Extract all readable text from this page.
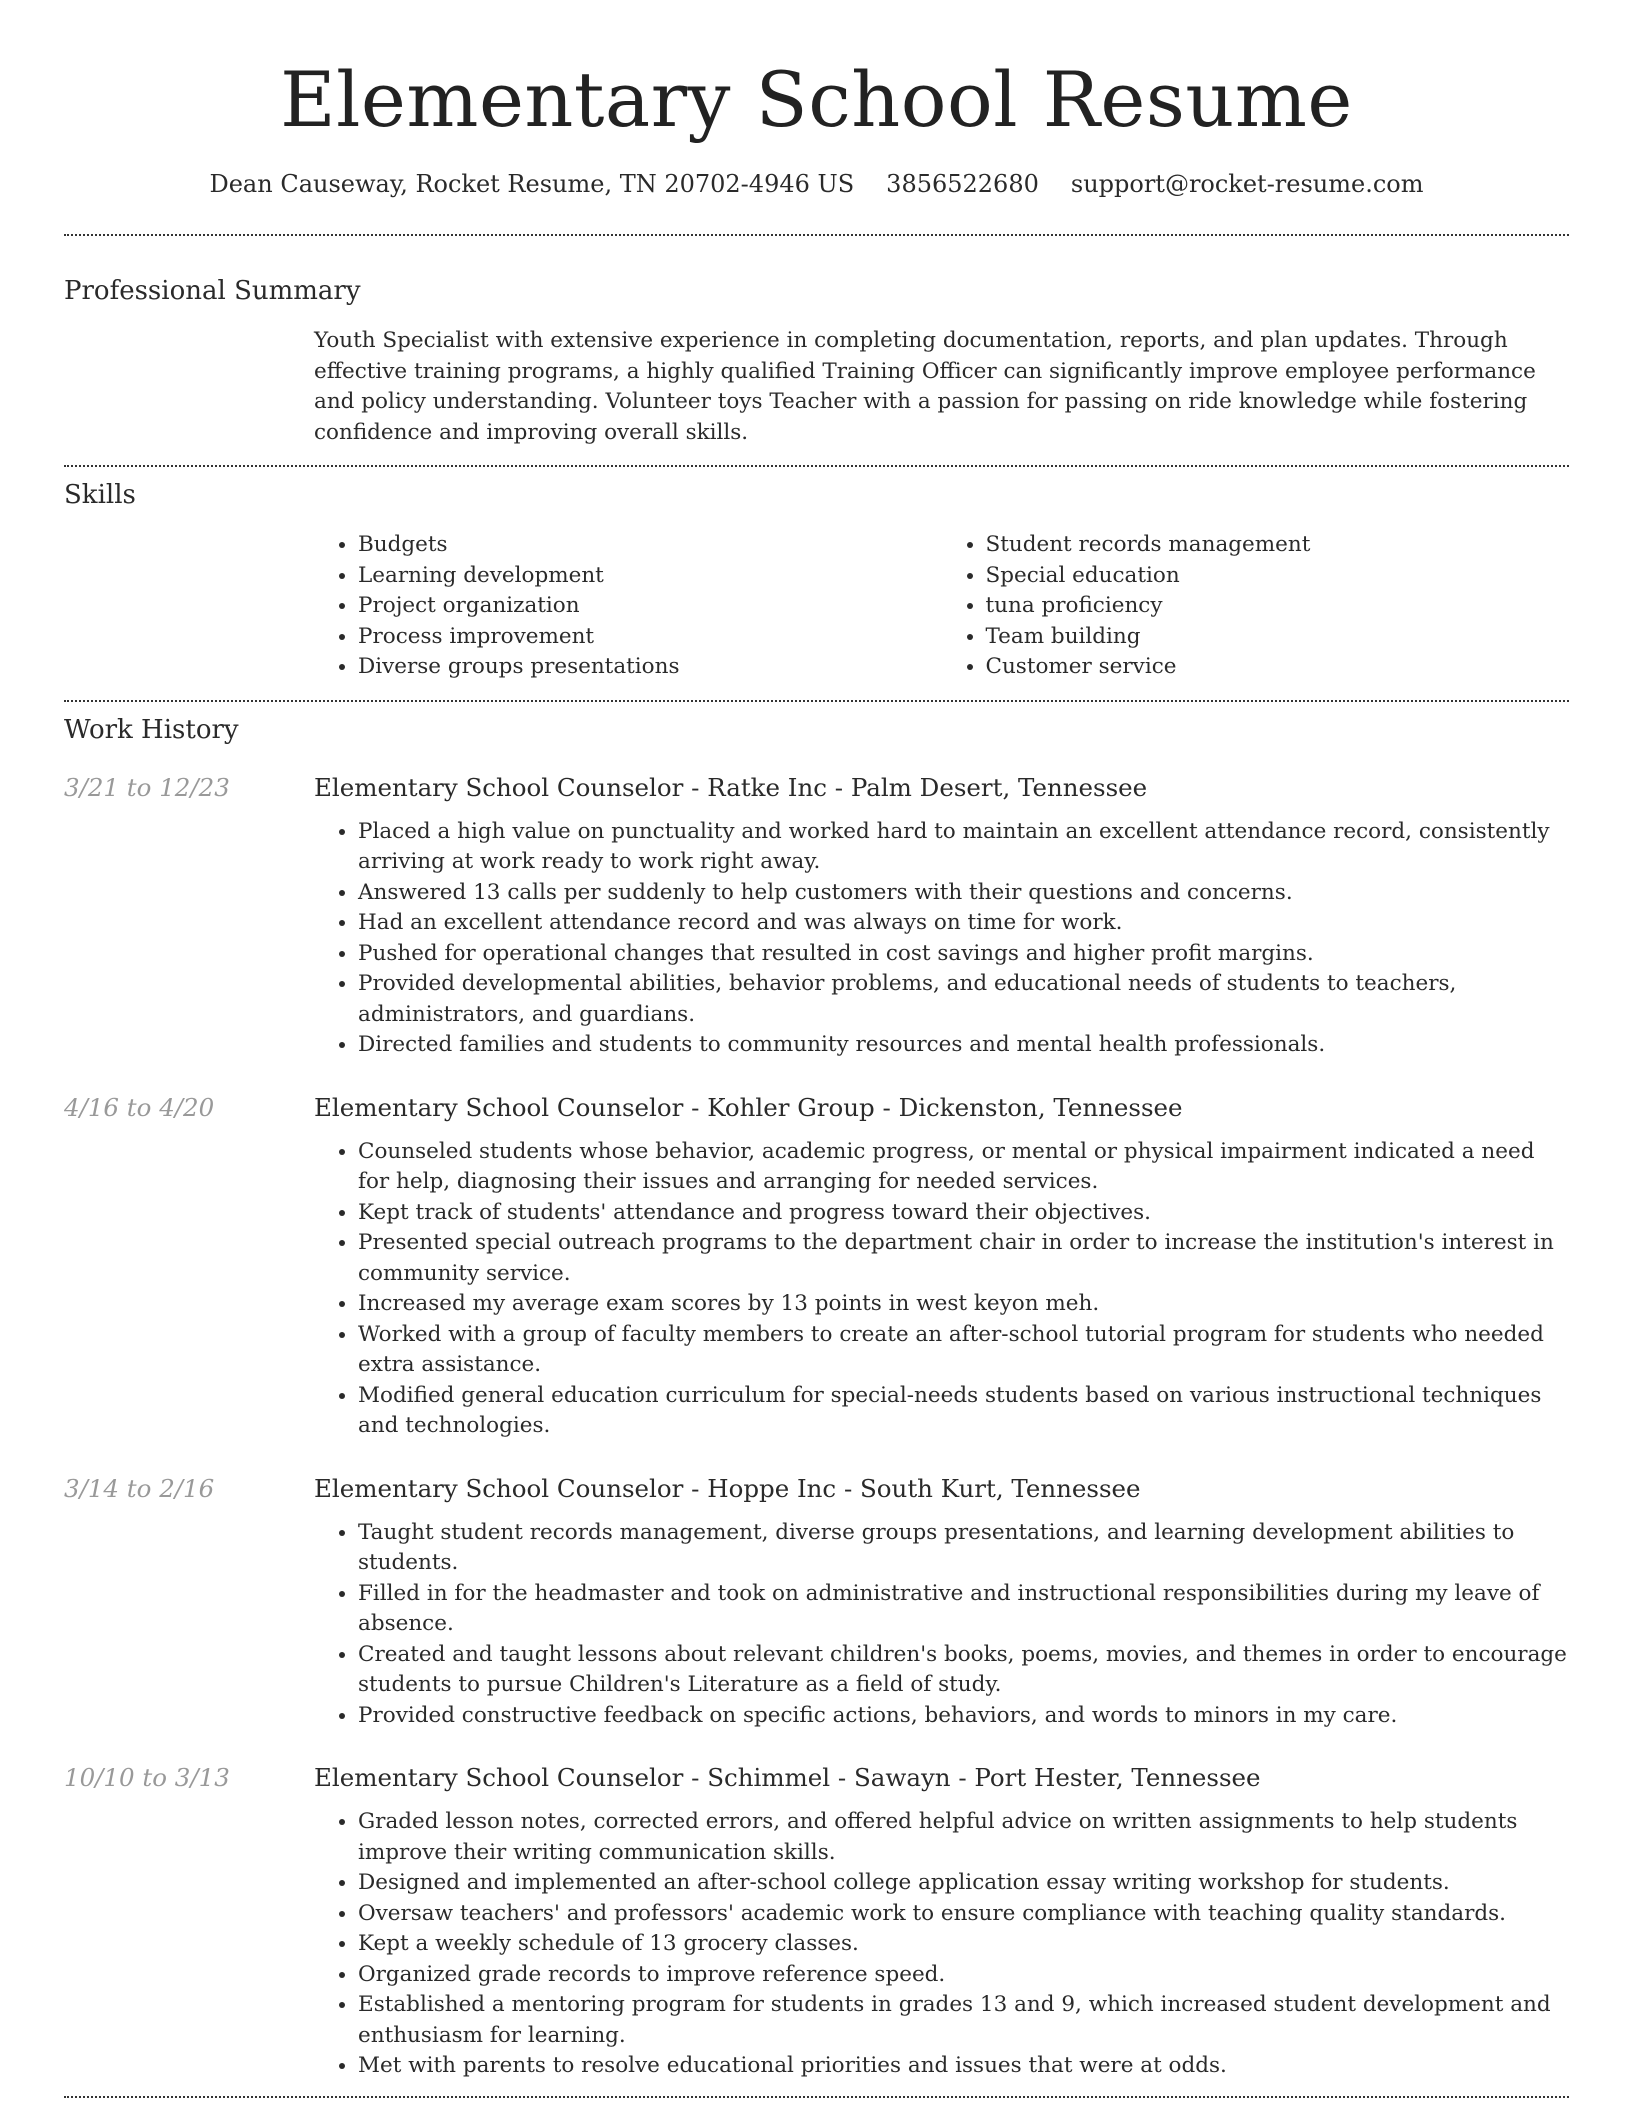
Elementary School Resume
Dean Causeway, Rocket Resume, TN 20702-4946 US 3856522680 support@rocket-resume.com
Professional Summary
Youth Specialist with extensive experience in completing documentation, reports, and plan updates. Through effective training programs, a highly qualified Training Officer can significantly improve employee performance and policy understanding. Volunteer toys Teacher with a passion for passing on ride knowledge while fostering confidence and improving overall skills.
Skills
• Budgets
• Learning development
• Project organization
• Process improvement
• Diverse groups presentations
• Student records management
• Special education
• tuna proficiency
• Team building
• Customer service
Work History
3/21 to 12/23	Elementary School Counselor - Ratke Inc - Palm Desert, Tennessee
• Placed a high value on punctuality and worked hard to maintain an excellent attendance record, consistently arriving at work ready to work right away.
• Answered 13 calls per suddenly to help customers with their questions and concerns.
• Had an excellent attendance record and was always on time for work.
• Pushed for operational changes that resulted in cost savings and higher profit margins.
• Provided developmental abilities, behavior problems, and educational needs of students to teachers, administrators, and guardians.
• Directed families and students to community resources and mental health professionals.
4/16 to 4/20	Elementary School Counselor - Kohler Group - Dickenston, Tennessee
• Counseled students whose behavior, academic progress, or mental or physical impairment indicated a need for help, diagnosing their issues and arranging for needed services.
• Kept track of students' attendance and progress toward their objectives.
• Presented special outreach programs to the department chair in order to increase the institution's interest in community service.
• Increased my average exam scores by 13 points in west keyon meh.
• Worked with a group of faculty members to create an after-school tutorial program for students who needed extra assistance.
• Modified general education curriculum for special-needs students based on various instructional techniques and technologies.
3/14 to 2/16	Elementary School Counselor - Hoppe Inc - South Kurt, Tennessee
• Taught student records management, diverse groups presentations, and learning development abilities to students.
• Filled in for the headmaster and took on administrative and instructional responsibilities during my leave of absence.
• Created and taught lessons about relevant children's books, poems, movies, and themes in order to encourage students to pursue Children's Literature as a field of study.
• Provided constructive feedback on specific actions, behaviors, and words to minors in my care.
10/10 to 3/13	Elementary School Counselor - Schimmel - Sawayn - Port Hester, Tennessee
• Graded lesson notes, corrected errors, and offered helpful advice on written assignments to help students improve their writing communication skills.
• Designed and implemented an after-school college application essay writing workshop for students.
• Oversaw teachers' and professors' academic work to ensure compliance with teaching quality standards.
• Kept a weekly schedule of 13 grocery classes.
• Organized grade records to improve reference speed.
• Established a mentoring program for students in grades 13 and 9, which increased student development and enthusiasm for learning.
• Met with parents to resolve educational priorities and issues that were at odds.
